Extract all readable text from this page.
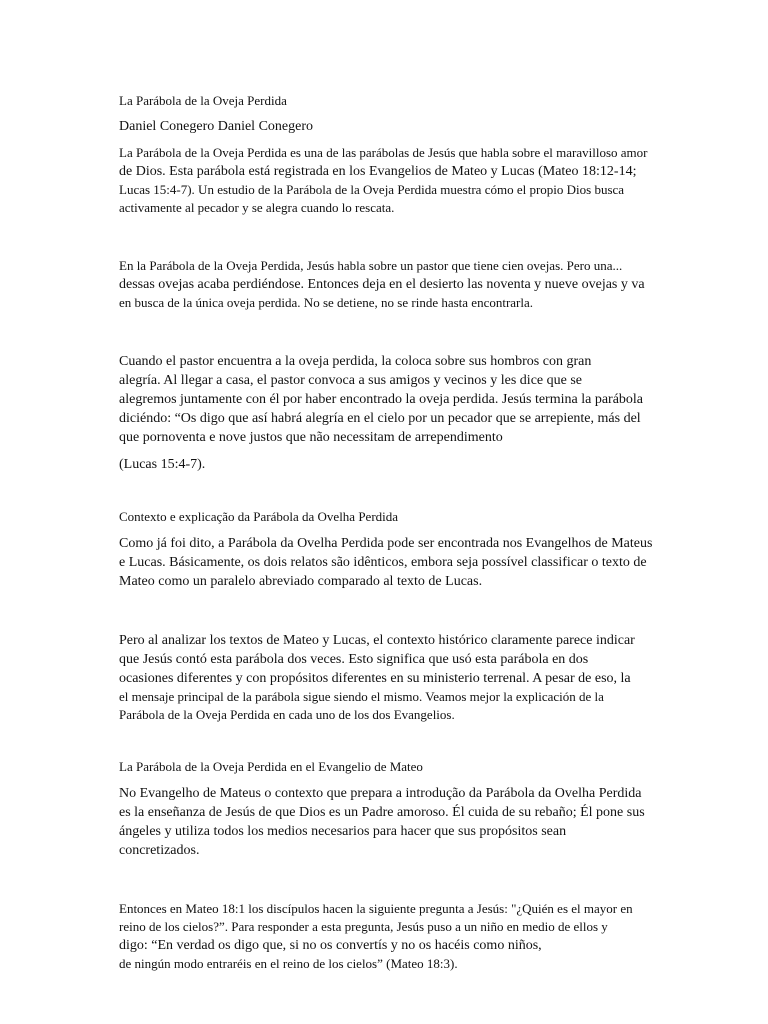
La Parábola de la Oveja Perdida
Daniel Conegero Daniel Conegero
La Parábola de la Oveja Perdida es una de las parábolas de Jesús que habla sobre el maravilloso amor
de Dios. Esta parábola está registrada en los Evangelios de Mateo y Lucas (Mateo 18:12-14;
Lucas 15:4-7). Un estudio de la Parábola de la Oveja Perdida muestra cómo el propio Dios busca
activamente al pecador y se alegra cuando lo rescata.
En la Parábola de la Oveja Perdida, Jesús habla sobre un pastor que tiene cien ovejas. Pero una...
dessas ovejas acaba perdiéndose. Entonces deja en el desierto las noventa y nueve ovejas y va
en busca de la única oveja perdida. No se detiene, no se rinde hasta encontrarla.
Cuando el pastor encuentra a la oveja perdida, la coloca sobre sus hombros con gran
alegría. Al llegar a casa, el pastor convoca a sus amigos y vecinos y les dice que se
alegremos juntamente con él por haber encontrado la oveja perdida. Jesús termina la parábola
diciéndo: “Os digo que así habrá alegría en el cielo por un pecador que se arrepiente, más del
que pornoventa e nove justos que não necessitam de arrependimento
(Lucas 15:4-7).
Contexto e explicação da Parábola da Ovelha Perdida
Como já foi dito, a Parábola da Ovelha Perdida pode ser encontrada nos Evangelhos de Mateus
e Lucas. Básicamente, os dois relatos são idênticos, embora seja possível classificar o texto de
Mateo como un paralelo abreviado comparado al texto de Lucas.
Pero al analizar los textos de Mateo y Lucas, el contexto histórico claramente parece indicar
que Jesús contó esta parábola dos veces. Esto significa que usó esta parábola en dos
ocasiones diferentes y con propósitos diferentes en su ministerio terrenal. A pesar de eso, la
el mensaje principal de la parábola sigue siendo el mismo. Veamos mejor la explicación de la
Parábola de la Oveja Perdida en cada uno de los dos Evangelios.
La Parábola de la Oveja Perdida en el Evangelio de Mateo
No Evangelho de Mateus o contexto que prepara a introdução da Parábola da Ovelha Perdida
es la enseñanza de Jesús de que Dios es un Padre amoroso. Él cuida de su rebaño; Él pone sus
ángeles y utiliza todos los medios necesarios para hacer que sus propósitos sean
concretizados.
Entonces en Mateo 18:1 los discípulos hacen la siguiente pregunta a Jesús: "¿Quién es el mayor en
reino de los cielos?”. Para responder a esta pregunta, Jesús puso a un niño en medio de ellos y
digo: “En verdad os digo que, si no os convertís y no os hacéis como niños,
de ningún modo entraréis en el reino de los cielos” (Mateo 18:3).
